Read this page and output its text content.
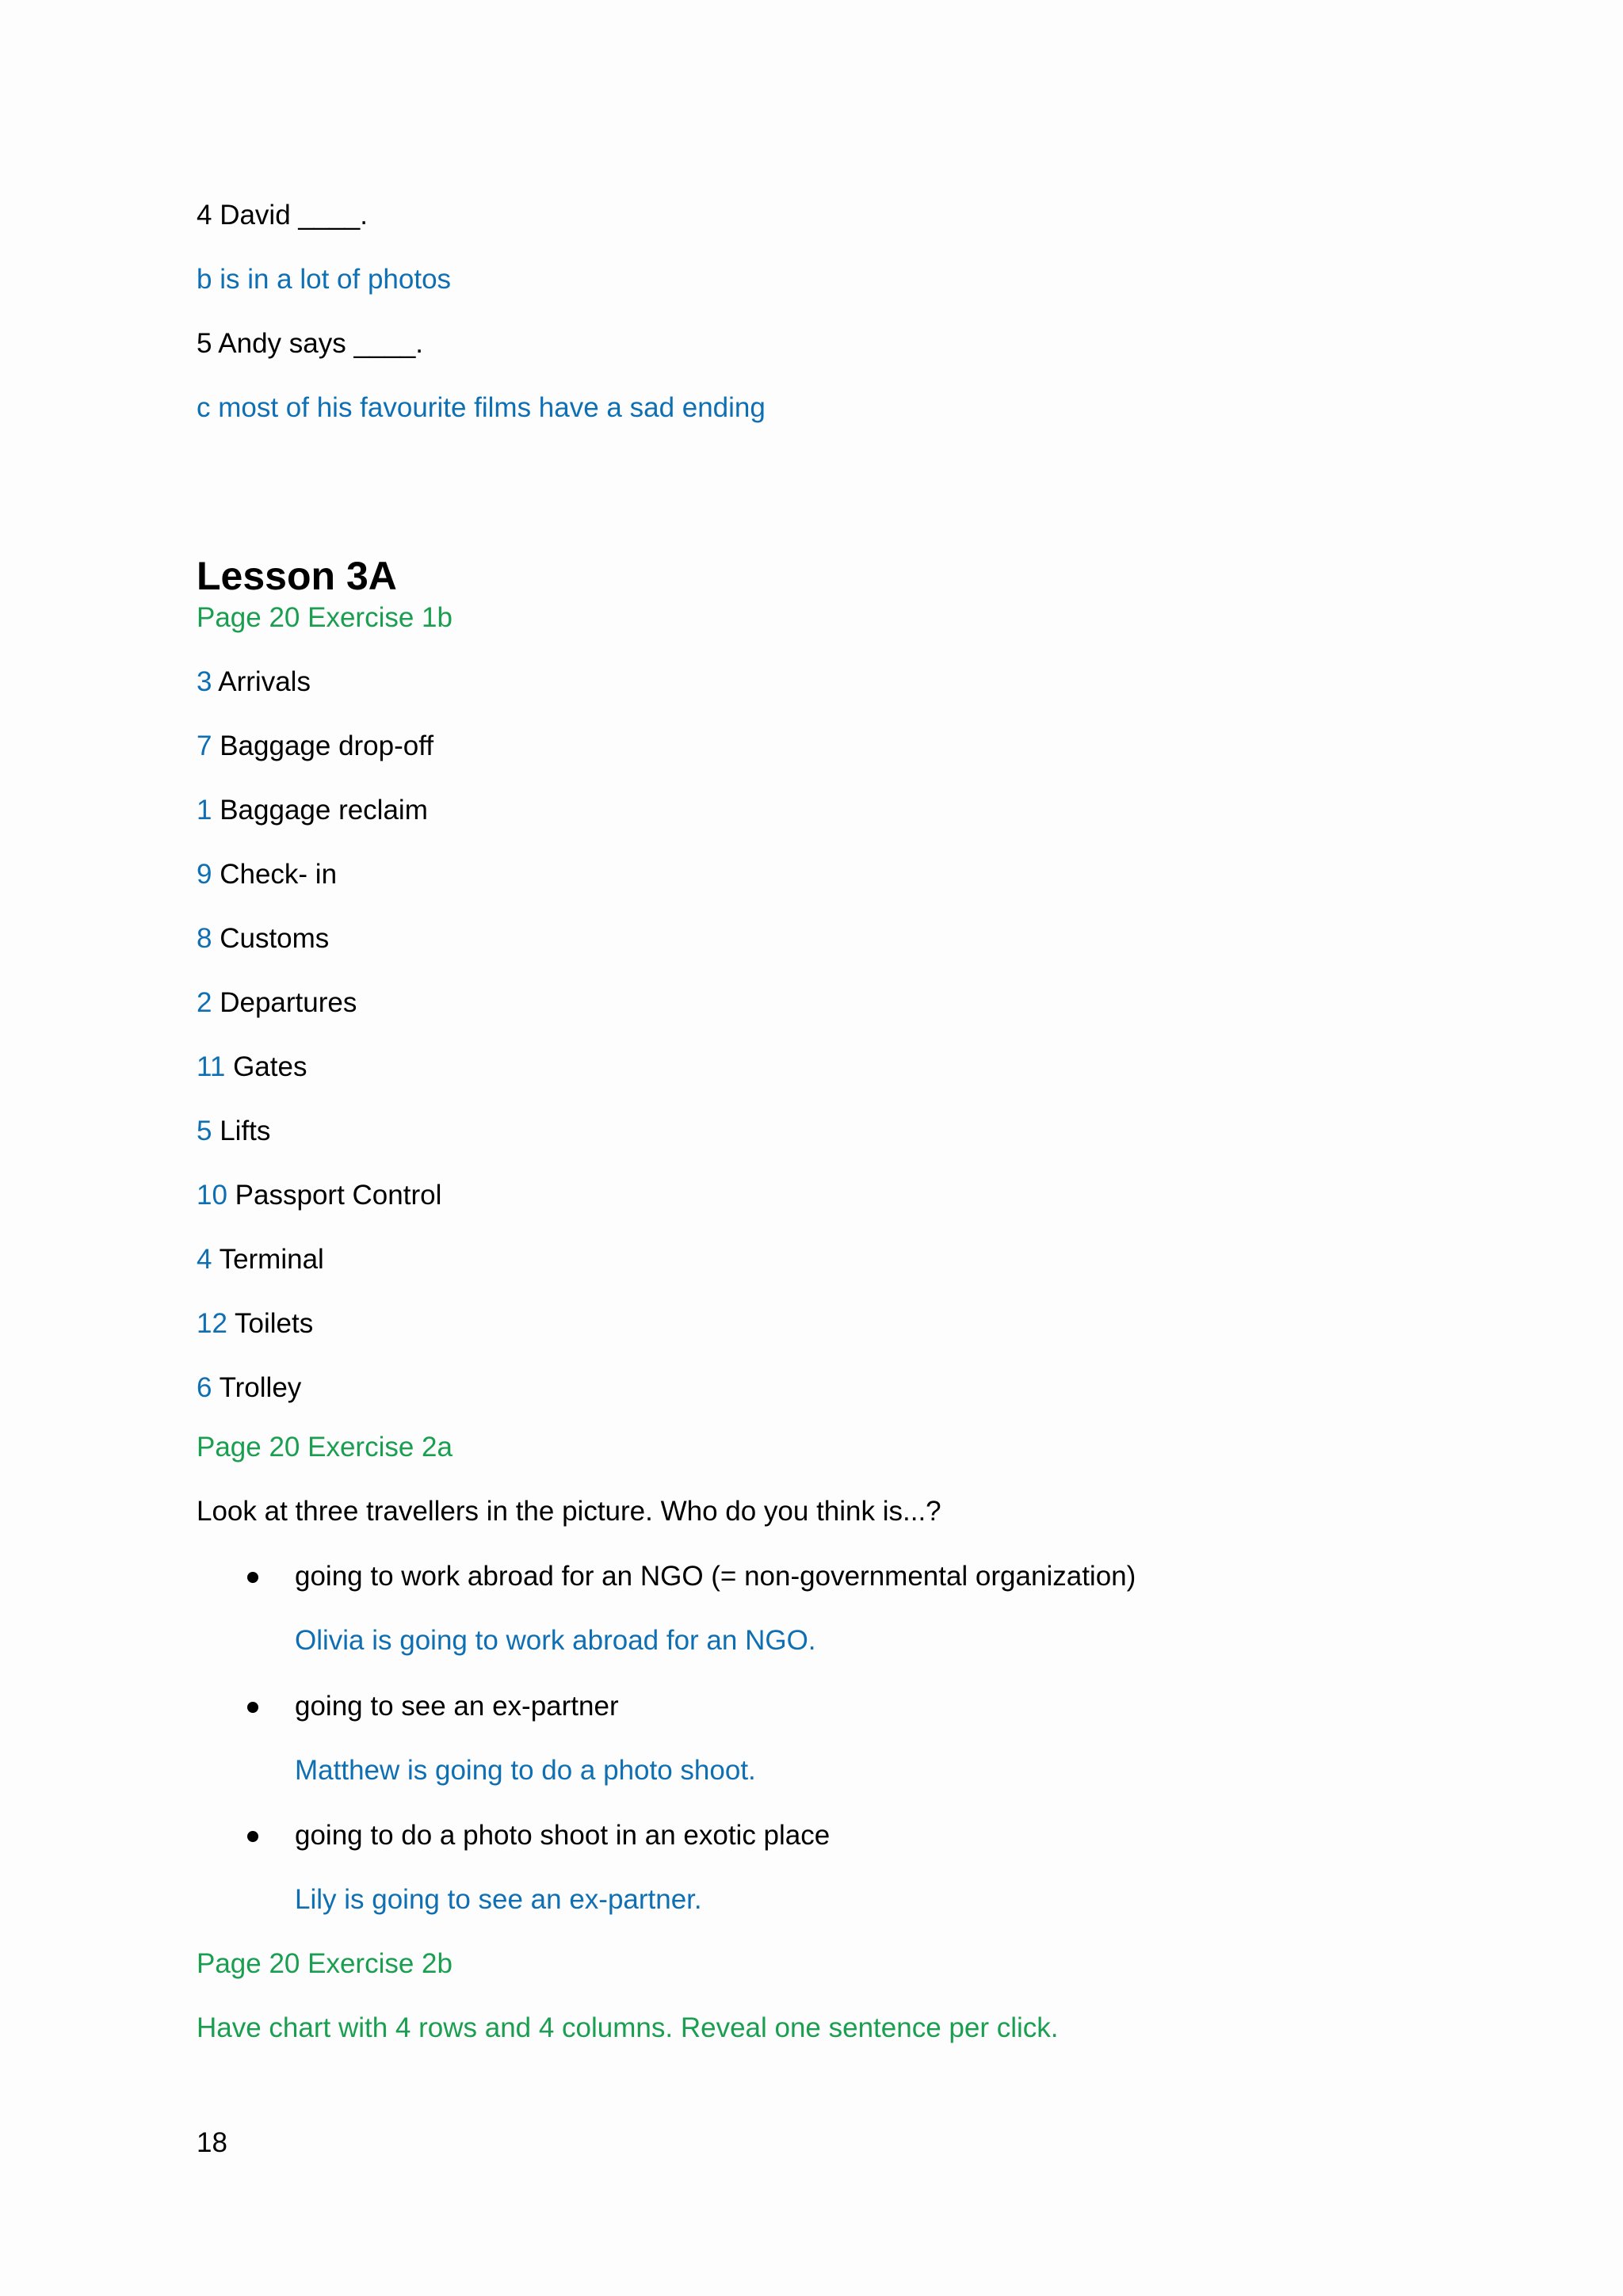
4 David ____.
b is in a lot of photos
5 Andy says ____.
c most of his favourite films have a sad ending
Lesson 3A
Page 20 Exercise 1b
3 Arrivals
7 Baggage drop-off
1 Baggage reclaim
9 Check- in
8 Customs
2 Departures
11 Gates
5 Lifts
10 Passport Control
4 Terminal
12 Toilets
6 Trolley
Page 20 Exercise 2a
Look at three travellers in the picture. Who do you think is...?
going to work abroad for an NGO (= non-governmental organization)
Olivia is going to work abroad for an NGO.
going to see an ex-partner
Matthew is going to do a photo shoot.
going to do a photo shoot in an exotic place
Lily is going to see an ex-partner.
Page 20 Exercise 2b
Have chart with 4 rows and 4 columns. Reveal one sentence per click.
18
